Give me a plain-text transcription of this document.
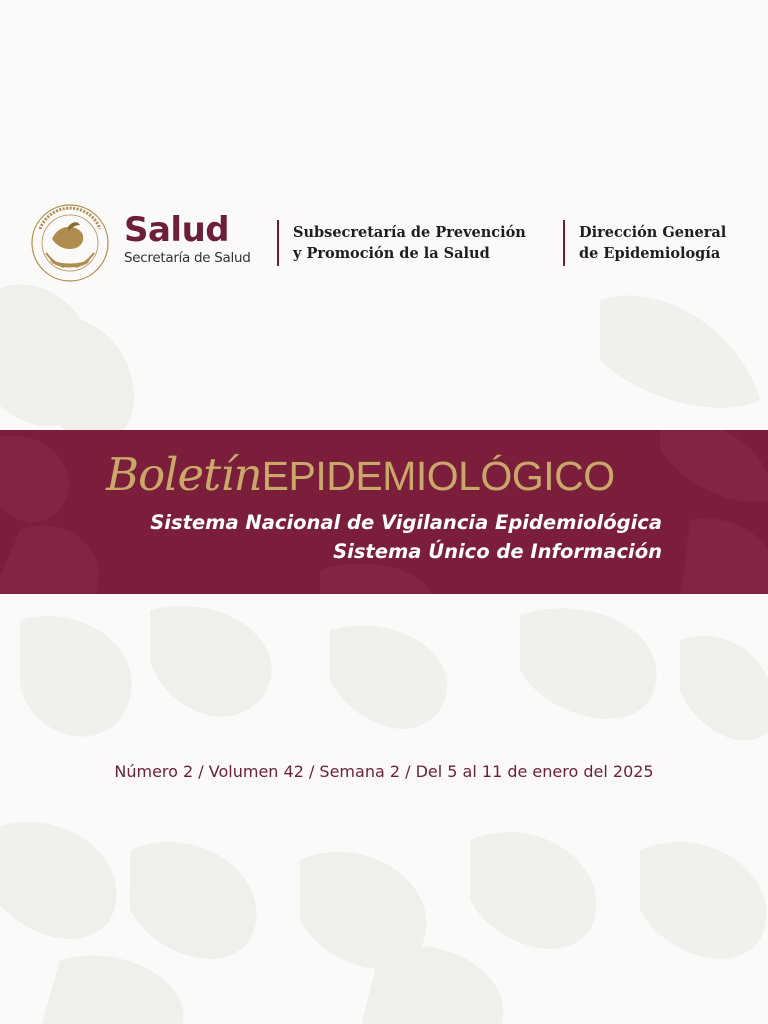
Salud
Secretaría de Salud
Subsecretaría de Prevención
y Promoción de la Salud
Dirección General
de Epidemiología
BoletínEPIDEMIOLÓGICO
Sistema Nacional de Vigilancia Epidemiológica
Sistema Único de Información
Número 2 / Volumen 42 / Semana 2 / Del 5 al 11 de enero del 2025
